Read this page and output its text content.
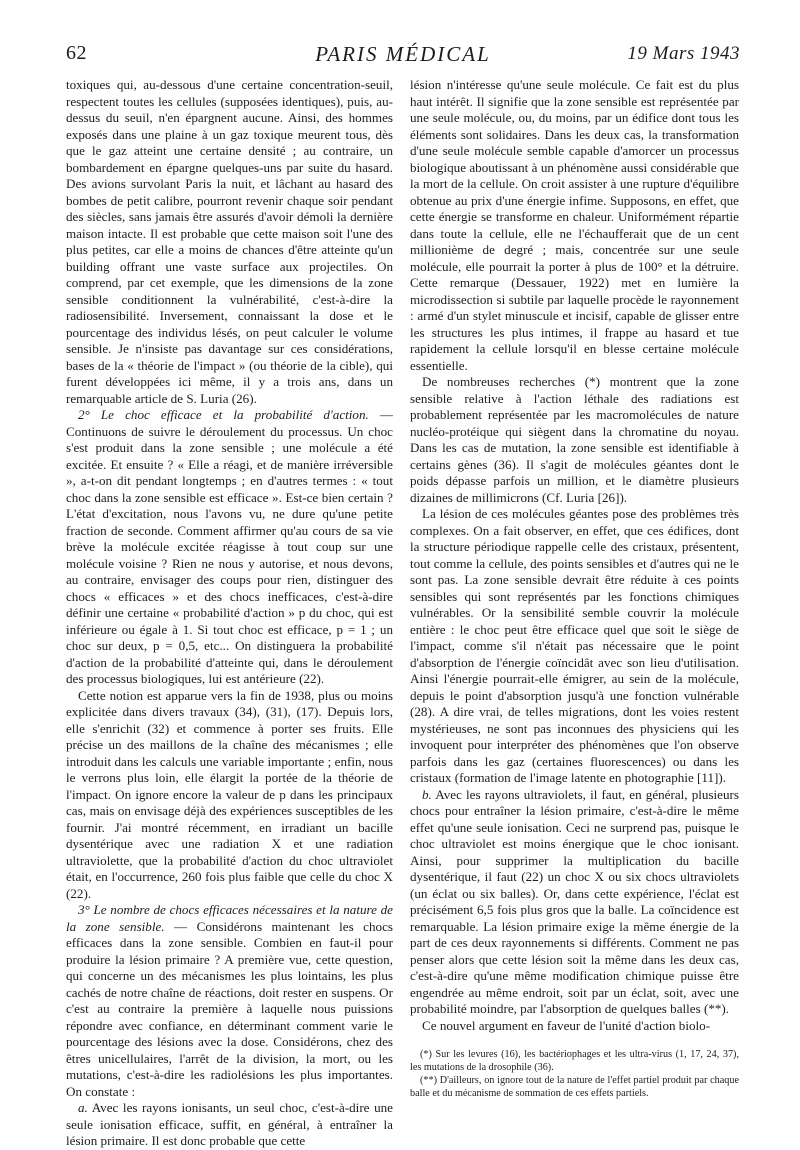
62	PARIS MÉDICAL	19 Mars 1943

toxiques qui, au-dessous d'une certaine concentration-seuil, respectent toutes les cellules (supposées identiques), puis, au-dessus du seuil, n'en épargnent aucune. Ainsi, des hommes exposés dans une plaine à un gaz toxique meurent tous, dès que le gaz atteint une certaine densité ; au contraire, un bombardement en épargne quelques-uns par suite du hasard. Des avions survolant Paris la nuit, et lâchant au hasard des bombes de petit calibre, pourront revenir chaque soir pendant des siècles, sans jamais être assurés d'avoir démoli la dernière maison intacte. Il est probable que cette maison soit l'une des plus petites, car elle a moins de chances d'être atteinte qu'un building offrant une vaste surface aux projectiles. On comprend, par cet exemple, que les dimensions de la zone sensible conditionnent la vulnérabilité, c'est-à-dire la radiosensibilité. Inversement, connaissant la dose et le pourcentage des individus lésés, on peut calculer le volume sensible. Je n'insiste pas davantage sur ces considérations, bases de la « théorie de l'impact » (ou théorie de la cible), qui furent développées ici même, il y a trois ans, dans un remarquable article de S. Luria (26).

2° Le choc efficace et la probabilité d'action. — Continuons de suivre le déroulement du processus. Un choc s'est produit dans la zone sensible ; une molécule a été excitée. Et ensuite ? « Elle a réagi, et de manière irréversible », a-t-on dit pendant longtemps ; en d'autres termes : « tout choc dans la zone sensible est efficace ». Est-ce bien certain ? L'état d'excitation, nous l'avons vu, ne dure qu'une petite fraction de seconde. Comment affirmer qu'au cours de sa vie brève la molécule excitée réagisse à tout coup sur une molécule voisine ? Rien ne nous y autorise, et nous devons, au contraire, envisager des coups pour rien, distinguer des chocs « efficaces » et des chocs inefficaces, c'est-à-dire définir une certaine « probabilité d'action » p du choc, qui est inférieure ou égale à 1. Si tout choc est efficace, p = 1 ; un choc sur deux, p = 0,5, etc... On distinguera la probabilité d'action de la probabilité d'atteinte qui, dans le déroulement des processus biologiques, lui est antérieure (22).

Cette notion est apparue vers la fin de 1938, plus ou moins explicitée dans divers travaux (34), (31), (17). Depuis lors, elle s'enrichit (32) et commence à porter ses fruits. Elle précise un des maillons de la chaîne des mécanismes ; elle introduit dans les calculs une variable importante ; enfin, nous le verrons plus loin, elle élargit la portée de la théorie de l'impact. On ignore encore la valeur de p dans les principaux cas, mais on envisage déjà des expériences susceptibles de les fournir. J'ai montré récemment, en irradiant un bacille dysentérique avec une radiation X et une radiation ultraviolette, que la probabilité d'action du choc ultraviolet était, en l'occurrence, 260 fois plus faible que celle du choc X (22).

3° Le nombre de chocs efficaces nécessaires et la nature de la zone sensible. — Considérons maintenant les chocs efficaces dans la zone sensible. Combien en faut-il pour produire la lésion primaire ? A première vue, cette question, qui concerne un des mécanismes les plus lointains, les plus cachés de notre chaîne de réactions, doit rester en suspens. Or c'est au contraire la première à laquelle nous puissions répondre avec confiance, en déterminant comment varie le pourcentage des lésions avec la dose. Considérons, chez des êtres unicellulaires, l'arrêt de la division, la mort, ou les mutations, c'est-à-dire les radiolésions les plus importantes. On constate :

a. Avec les rayons ionisants, un seul choc, c'est-à-dire une seule ionisation efficace, suffit, en général, à entraîner la lésion primaire. Il est donc probable que cette

lésion n'intéresse qu'une seule molécule. Ce fait est du plus haut intérêt. Il signifie que la zone sensible est représentée par une seule molécule, ou, du moins, par un édifice dont tous les éléments sont solidaires. Dans les deux cas, la transformation d'une seule molécule semble capable d'amorcer un processus biologique aboutissant à un phénomène aussi considérable que la mort de la cellule. On croit assister à une rupture d'équilibre obtenue au prix d'une énergie infime. Supposons, en effet, que cette énergie se transforme en chaleur. Uniformément répartie dans toute la cellule, elle ne l'échaufferait que de un cent millionième de degré ; mais, concentrée sur une seule molécule, elle pourrait la porter à plus de 100° et la détruire. Cette remarque (Dessauer, 1922) met en lumière la microdissection si subtile par laquelle procède le rayonnement : armé d'un stylet minuscule et incisif, capable de glisser entre les structures les plus intimes, il frappe au hasard et tue rapidement la cellule lorsqu'il en blesse certaine molécule essentielle.

De nombreuses recherches (*) montrent que la zone sensible relative à l'action léthale des radiations est probablement représentée par les macromolécules de nature nucléo-protéique qui siègent dans la chromatine du noyau. Dans les cas de mutation, la zone sensible est identifiable à certains gènes (36). Il s'agit de molécules géantes dont le poids dépasse parfois un million, et le diamètre plusieurs dizaines de millimicrons (Cf. Luria [26]).

La lésion de ces molécules géantes pose des problèmes très complexes. On a fait observer, en effet, que ces édifices, dont la structure périodique rappelle celle des cristaux, présentent, tout comme la cellule, des points sensibles et d'autres qui ne le sont pas. La zone sensible devrait être réduite à ces points sensibles qui sont représentés par les fonctions chimiques vulnérables. Or la sensibilité semble couvrir la molécule entière : le choc peut être efficace quel que soit le siège de l'impact, comme s'il n'était pas nécessaire que le point d'absorption de l'énergie coïncidât avec son lieu d'utilisation. Ainsi l'énergie pourrait-elle émigrer, au sein de la molécule, depuis le point d'absorption jusqu'à une fonction vulnérable (28). A dire vrai, de telles migrations, dont les voies restent mystérieuses, ne sont pas inconnues des physiciens qui les invoquent pour interpréter des phénomènes que l'on observe parfois dans les gaz (certaines fluorescences) ou dans les cristaux (formation de l'image latente en photographie [11]).

b. Avec les rayons ultraviolets, il faut, en général, plusieurs chocs pour entraîner la lésion primaire, c'est-à-dire le même effet qu'une seule ionisation. Ceci ne surprend pas, puisque le choc ultraviolet est moins énergique que le choc ionisant. Ainsi, pour supprimer la multiplication du bacille dysentérique, il faut (22) un choc X ou six chocs ultraviolets (un éclat ou six balles). Or, dans cette expérience, l'éclat est précisément 6,5 fois plus gros que la balle. La coïncidence est remarquable. La lésion primaire exige la même énergie de la part de ces deux rayonnements si différents. Comment ne pas penser alors que cette lésion soit la même dans les deux cas, c'est-à-dire qu'une même modification chimique puisse être engendrée au même endroit, soit par un éclat, soit, avec une probabilité moindre, par l'absorption de quelques balles (**).

Ce nouvel argument en faveur de l'unité d'action biolo-

(*) Sur les levures (16), les bactériophages et les ultra-virus (1, 17, 24, 37), les mutations de la drosophile (36).

(**) D'ailleurs, on ignore tout de la nature de l'effet partiel produit par chaque balle et du mécanisme de sommation de ces effets partiels.
